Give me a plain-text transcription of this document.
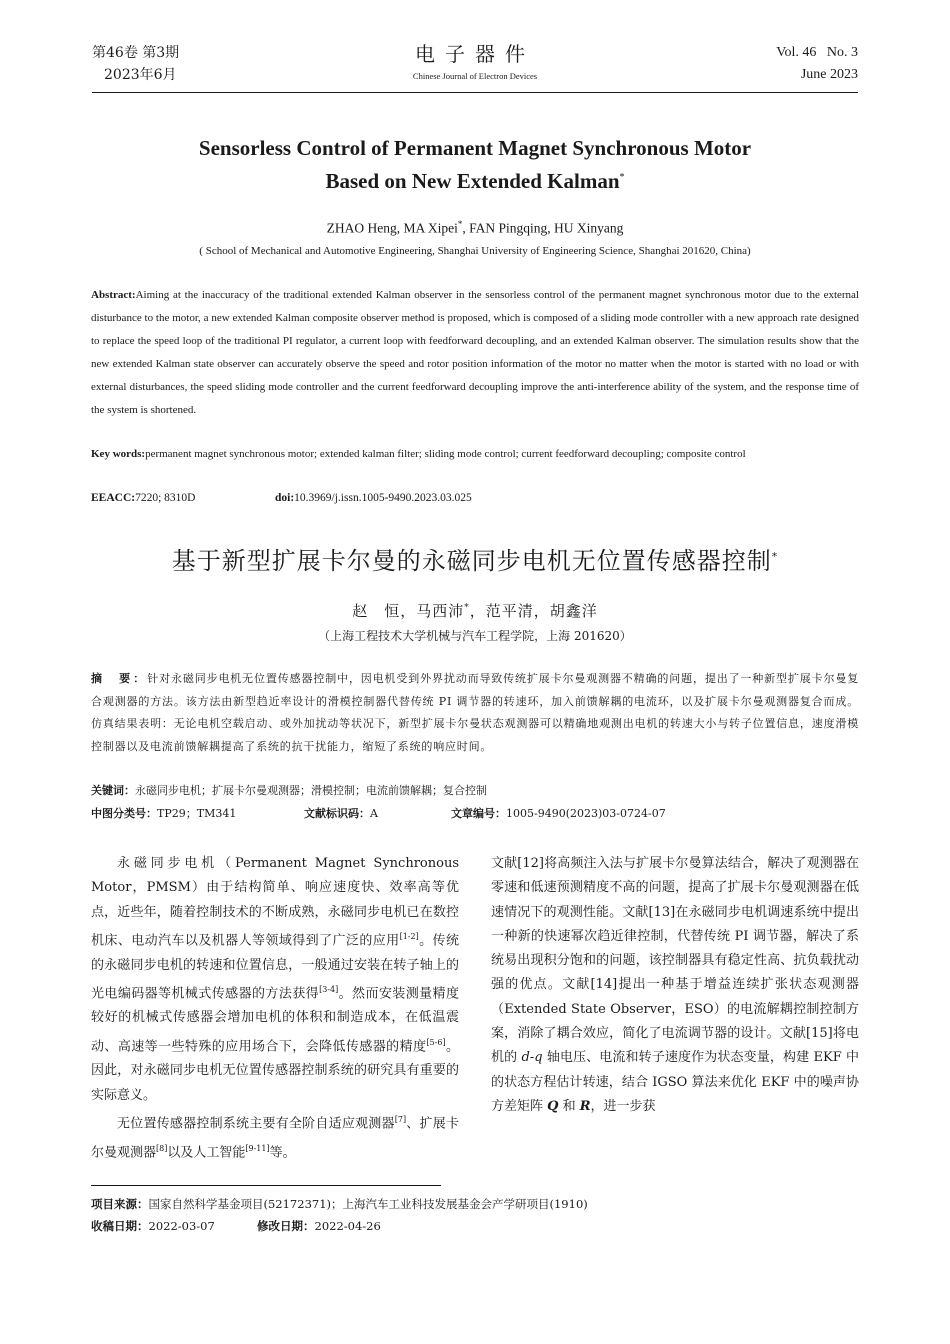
第46卷 第3期
2023年6月
电子器件
Chinese Journal of Electron Devices
Vol. 46   No. 3
June 2023
Sensorless Control of Permanent Magnet Synchronous Motor
Based on New Extended Kalman*
ZHAO Heng, MA Xipei*, FAN Pingqing, HU Xinyang
( School of Mechanical and Automotive Engineering, Shanghai University of Engineering Science, Shanghai 201620, China)
Abstract:Aiming at the inaccuracy of the traditional extended Kalman observer in the sensorless control of the permanent magnet synchronous motor due to the external disturbance to the motor, a new extended Kalman composite observer method is proposed, which is composed of a sliding mode controller with a new approach rate designed to replace the speed loop of the traditional PI regulator, a current loop with feedforward decoupling, and an extended Kalman observer. The simulation results show that the new extended Kalman state observer can accurately observe the speed and rotor position information of the motor no matter when the motor is started with no load or with external disturbances, the speed sliding mode controller and the current feedforward decoupling improve the anti-interference ability of the system, and the response time of the system is shortened.
Key words:permanent magnet synchronous motor; extended kalman filter; sliding mode control; current feedforward decoupling; composite control
EEACC:7220; 8310D	doi:10.3969/j.issn.1005-9490.2023.03.025
基于新型扩展卡尔曼的永磁同步电机无位置传感器控制*
赵　恒，马西沛*，范平清，胡鑫洋
（上海工程技术大学机械与汽车工程学院，上海 201620）
摘　要：针对永磁同步电机无位置传感器控制中，因电机受到外界扰动而导致传统扩展卡尔曼观测器不精确的问题，提出了一种新型扩展卡尔曼复合观测器的方法。该方法由新型趋近率设计的滑模控制器代替传统 PI 调节器的转速环，加入前馈解耦的电流环，以及扩展卡尔曼观测器复合而成。仿真结果表明：无论电机空载启动、或外加扰动等状况下，新型扩展卡尔曼状态观测器可以精确地观测出电机的转速大小与转子位置信息，速度滑模控制器以及电流前馈解耦提高了系统的抗干扰能力，缩短了系统的响应时间。
关键词：永磁同步电机；扩展卡尔曼观测器；滑模控制；电流前馈解耦；复合控制
中图分类号：TP29；TM341	文献标识码：A	文章编号：1005-9490(2023)03-0724-07

永磁同步电机（Permanent Magnet Synchronous Motor，PMSM）由于结构简单、响应速度快、效率高等优点，近些年，随着控制技术的不断成熟，永磁同步电机已在数控机床、电动汽车以及机器人等领域得到了广泛的应用[1-2]。传统的永磁同步电机的转速和位置信息，一般通过安装在转子轴上的光电编码器等机械式传感器的方法获得[3-4]。然而安装测量精度较好的机械式传感器会增加电机的体积和制造成本，在低温震动、高速等一些特殊的应用场合下，会降低传感器的精度[5-6]。因此，对永磁同步电机无位置传感器控制系统的研究具有重要的实际意义。

无位置传感器控制系统主要有全阶自适应观测器[7]、扩展卡尔曼观测器[8]以及人工智能[9-11]等。

文献[12]将高频注入法与扩展卡尔曼算法结合，解决了观测器在零速和低速预测精度不高的问题，提高了扩展卡尔曼观测器在低速情况下的观测性能。文献[13]在永磁同步电机调速系统中提出一种新的快速幂次趋近律控制，代替传统 PI 调节器，解决了系统易出现积分饱和的问题，该控制器具有稳定性高、抗负载扰动强的优点。文献[14]提出一种基于增益连续扩张状态观测器（Extended State Observer，ESO）的电流解耦控制控制方案，消除了耦合效应，简化了电流调节器的设计。文献[15]将电机的 d-q 轴电压、电流和转子速度作为状态变量，构建 EKF 中的状态方程估计转速，结合 IGSO 算法来优化 EKF 中的噪声协方差矩阵 Q 和 R，进一步获

项目来源：国家自然科学基金项目(52172371)；上海汽车工业科技发展基金会产学研项目(1910)
收稿日期：2022-03-07	修改日期：2022-04-26
